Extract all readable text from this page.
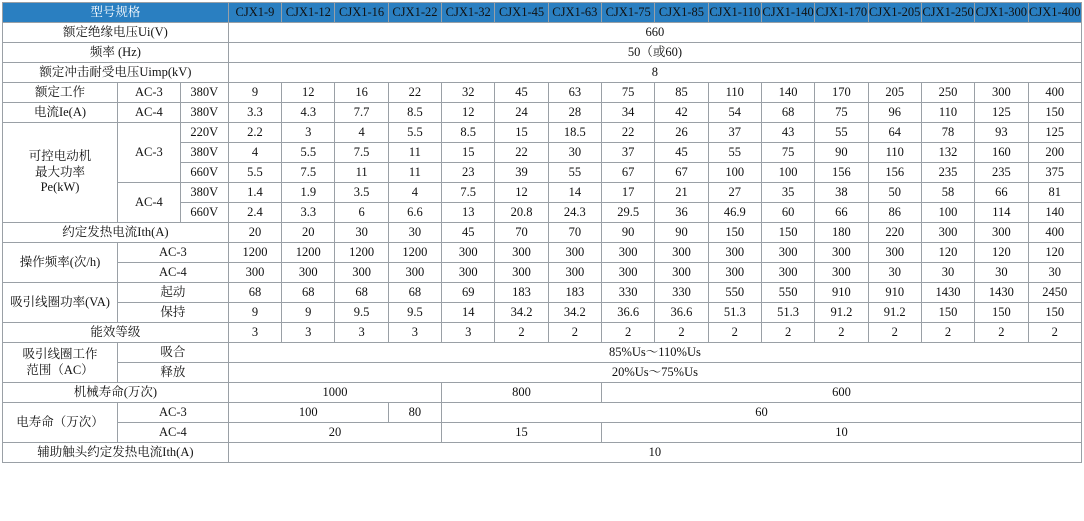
型号规格			CJX1-9	CJX1-12	CJX1-16	CJX1-22	CJX1-32	CJX1-45	CJX1-63	CJX1-75	CJX1-85	CJX1-110	CJX1-140	CJX1-170	CJX1-205	CJX1-250	CJX1-300	CJX1-400
额定绝缘电压Ui(V)			660															
频率 (Hz)			50（或60)															
额定冲击耐受电压Uimp(kV)			8															
额定工作	AC-3	380V	9	12	16	22	32	45	63	75	85	110	140	170	205	250	300	400
电流Ie(A)	AC-4	380V	3.3	4.3	7.7	8.5	12	24	28	34	42	54	68	75	96	110	125	150

可控电动机
最大功率
Pe(kW)	AC-3	220V	2.2	3	4	5.5	8.5	15	18.5	22	26	37	43	55	64	78	93	125
		380V	4	5.5	7.5	11	15	22	30	37	45	55	75	90	110	132	160	200
		660V	5.5	7.5	11	11	23	39	55	67	67	100	100	156	156	235	235	375
	AC-4	380V	1.4	1.9	3.5	4	7.5	12	14	17	21	27	35	38	50	58	66	81
		660V	2.4	3.3	6	6.6	13	20.8	24.3	29.5	36	46.9	60	66	86	100	114	140
约定发热电流Ith(A)			20	20	30	30	45	70	70	90	90	150	150	180	220	300	300	400
操作频率(次/h)	AC-3		1200	1200	1200	1200	300	300	300	300	300	300	300	300	300	120	120	120
	AC-4		300	300	300	300	300	300	300	300	300	300	300	300	30	30	30	30
吸引线圈功率(VA)	起动		68	68	68	68	69	183	183	330	330	550	550	910	910	1430	1430	2450
	保持		9	9	9.5	9.5	14	34.2	34.2	36.6	36.6	51.3	51.3	91.2	91.2	150	150	150
能效等级			3	3	3	3	3	2	2	2	2	2	2	2	2	2	2	2

吸引线圈工作
范围（AC）	吸合		85%Us～110%Us															
	释放		20%Us～75%Us															
机械寿命(万次)			1000				800			600								
电寿命（万次）	AC-3		100			80	60											
	AC-4		20				15			10								
辅助触头约定发热电流Ith(A)			10															
